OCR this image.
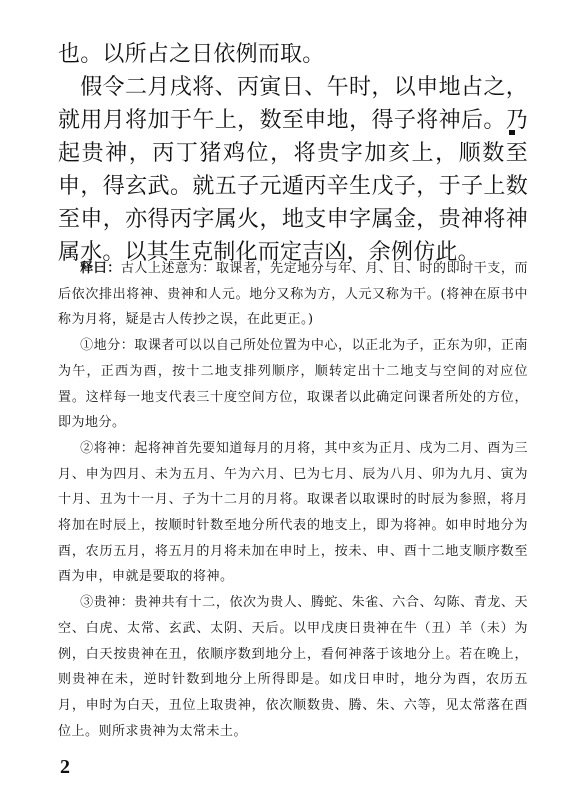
也。以所占之日依例而取。

假令二月戌将、丙寅日、午时，以申地占之，就用月将加于午上，数至申地，得子将神后。乃起贵神，丙丁猪鸡位，将贵字加亥上，顺数至申，得玄武。就五子元遁丙辛生戊子，于子上数至申，亦得丙字属火，地支申字属金，贵神将神属水。以其生克制化而定吉凶，余例仿此。

释曰：古人上述意为：取课者，先定地分与年、月、日、时的即时干支，而后依次排出将神、贵神和人元。地分又称为方，人元又称为干。(将神在原书中称为月将，疑是古人传抄之误，在此更正。)

①地分：取课者可以以自己所处位置为中心，以正北为子，正东为卯，正南为午，正西为酉，按十二地支排列顺序，顺转定出十二地支与空间的对应位置。这样每一地支代表三十度空间方位，取课者以此确定问课者所处的方位，即为地分。

②将神：起将神首先要知道每月的月将，其中亥为正月、戌为二月、酉为三月、申为四月、未为五月、午为六月、巳为七月、辰为八月、卯为九月、寅为十月、丑为十一月、子为十二月的月将。取课者以取课时的时辰为参照，将月将加在时辰上，按顺时针数至地分所代表的地支上，即为将神。如申时地分为酉，农历五月，将五月的月将未加在申时上，按未、申、酉十二地支顺序数至酉为申，申就是要取的将神。

③贵神：贵神共有十二，依次为贵人、腾蛇、朱雀、六合、勾陈、青龙、天空、白虎、太常、玄武、太阴、天后。以甲戊庚日贵神在牛（丑）羊（未）为例，白天按贵神在丑，依顺序数到地分上，看何神落于该地分上。若在晚上，则贵神在未，逆时针数到地分上所得即是。如戊日申时，地分为酉，农历五月，申时为白天，丑位上取贵神，依次顺数贵、腾、朱、六等，见太常落在酉位上。则所求贵神为太常未土。

2
